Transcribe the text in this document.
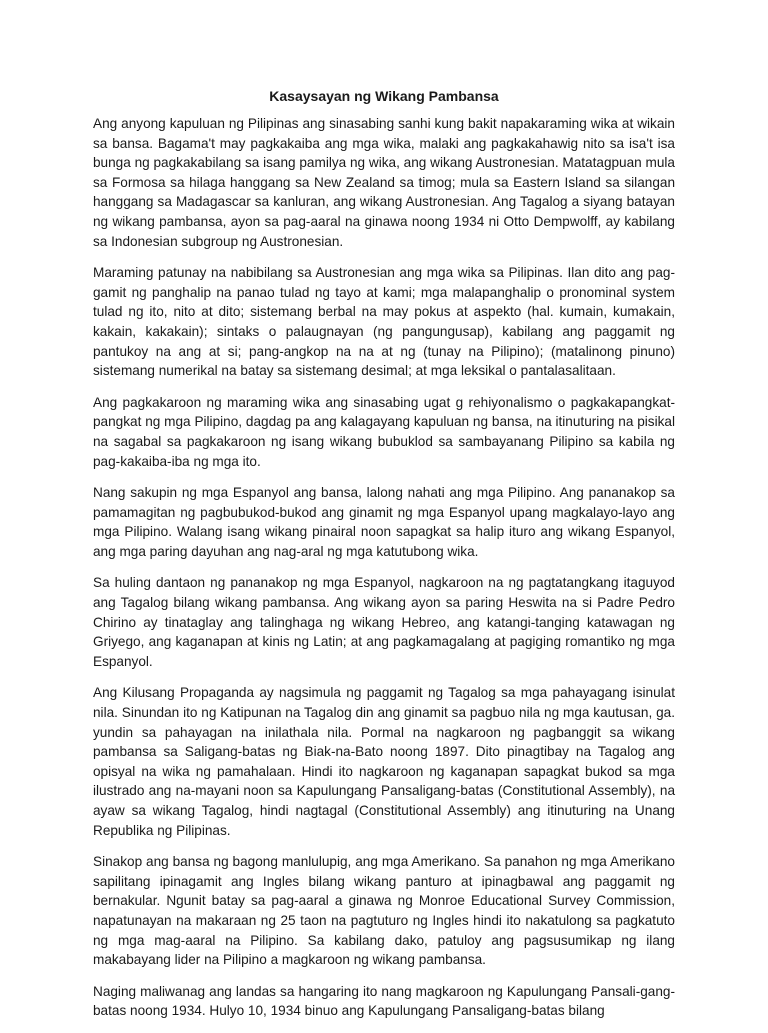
Kasaysayan ng Wikang Pambansa

Ang anyong kapuluan ng Pilipinas ang sinasabing sanhi kung bakit napakaraming wika at wikain sa bansa. Bagama't may pagkakaiba ang mga wika, malaki ang pagkakahawig nito sa isa't isa bunga ng pagkakabilang sa isang pamilya ng wika, ang wikang Austronesian. Matatagpuan mula sa Formosa sa hilaga hanggang sa New Zealand sa timog; mula sa Eastern Island sa silangan hanggang sa Madagascar sa kanluran, ang wikang Austronesian. Ang Tagalog a siyang batayan ng wikang pambansa, ayon sa pag-aaral na ginawa noong 1934 ni Otto Dempwolff, ay kabilang sa Indonesian subgroup ng Austronesian.

Maraming patunay na nabibilang sa Austronesian ang mga wika sa Pilipinas. Ilan dito ang pag-gamit ng panghalip na panao tulad ng tayo at kami; mga malapanghalip o pronominal system tulad ng ito, nito at dito; sistemang berbal na may pokus at aspekto (hal. kumain, kumakain, kakain, kakakain); sintaks o palaugnayan (ng pangungusap), kabilang ang paggamit ng pantukoy na ang at si; pang-angkop na na at ng (tunay na Pilipino); (matalinong pinuno) sistemang numerikal na batay sa sistemang desimal; at mga leksikal o pantalasalitaan.

Ang pagkakaroon ng maraming wika ang sinasabing ugat g rehiyonalismo o pagkakapangkat-pangkat ng mga Pilipino, dagdag pa ang kalagayang kapuluan ng bansa, na itinuturing na pisikal na sagabal sa pagkakaroon ng isang wikang bubuklod sa sambayanang Pilipino sa kabila ng pag-kakaiba-iba ng mga ito.

Nang sakupin ng mga Espanyol ang bansa, lalong nahati ang mga Pilipino. Ang pananakop sa pamamagitan ng pagbubukod-bukod ang ginamit ng mga Espanyol upang magkalayo-layo ang mga Pilipino. Walang isang wikang pinairal noon sapagkat sa halip ituro ang wikang Espanyol, ang mga paring dayuhan ang nag-aral ng mga katutubong wika.

Sa huling dantaon ng pananakop ng mga Espanyol, nagkaroon na ng pagtatangkang itaguyod ang Tagalog bilang wikang pambansa. Ang wikang ayon sa paring Heswita na si Padre Pedro Chirino ay tinataglay ang talinghaga ng wikang Hebreo, ang katangi-tanging katawagan ng Griyego, ang kaganapan at kinis ng Latin; at ang pagkamagalang at pagiging romantiko ng mga Espanyol.

Ang Kilusang Propaganda ay nagsimula ng paggamit ng Tagalog sa mga pahayagang isinulat nila. Sinundan ito ng Katipunan na Tagalog din ang ginamit sa pagbuo nila ng mga kautusan, ga. yundin sa pahayagan na inilathala nila. Pormal na nagkaroon ng pagbanggit sa wikang pambansa sa Saligang-batas ng Biak-na-Bato noong 1897. Dito pinagtibay na Tagalog ang opisyal na wika ng pamahalaan. Hindi ito nagkaroon ng kaganapan sapagkat bukod sa mga ilustrado ang na-mayani noon sa Kapulungang Pansaligang-batas (Constitutional Assembly), na ayaw sa wikang Tagalog, hindi nagtagal (Constitutional Assembly) ang itinuturing na Unang Republika ng Pilipinas.

Sinakop ang bansa ng bagong manlulupig, ang mga Amerikano. Sa panahon ng mga Amerikano sapilitang ipinagamit ang Ingles bilang wikang panturo at ipinagbawal ang paggamit ng bernakular. Ngunit batay sa pag-aaral a ginawa ng Monroe Educational Survey Commission, napatunayan na makaraan ng 25 taon na pagtuturo ng Ingles hindi ito nakatulong sa pagkatuto ng mga mag-aaral na Pilipino. Sa kabilang dako, patuloy ang pagsusumikap ng ilang makabayang lider na Pilipino a magkaroon ng wikang pambansa.

Naging maliwanag ang landas sa hangaring ito nang magkaroon ng Kapulungang Pansali-gang-batas noong 1934. Hulyo 10, 1934 binuo ang Kapulungang Pansaligang-batas bilang
